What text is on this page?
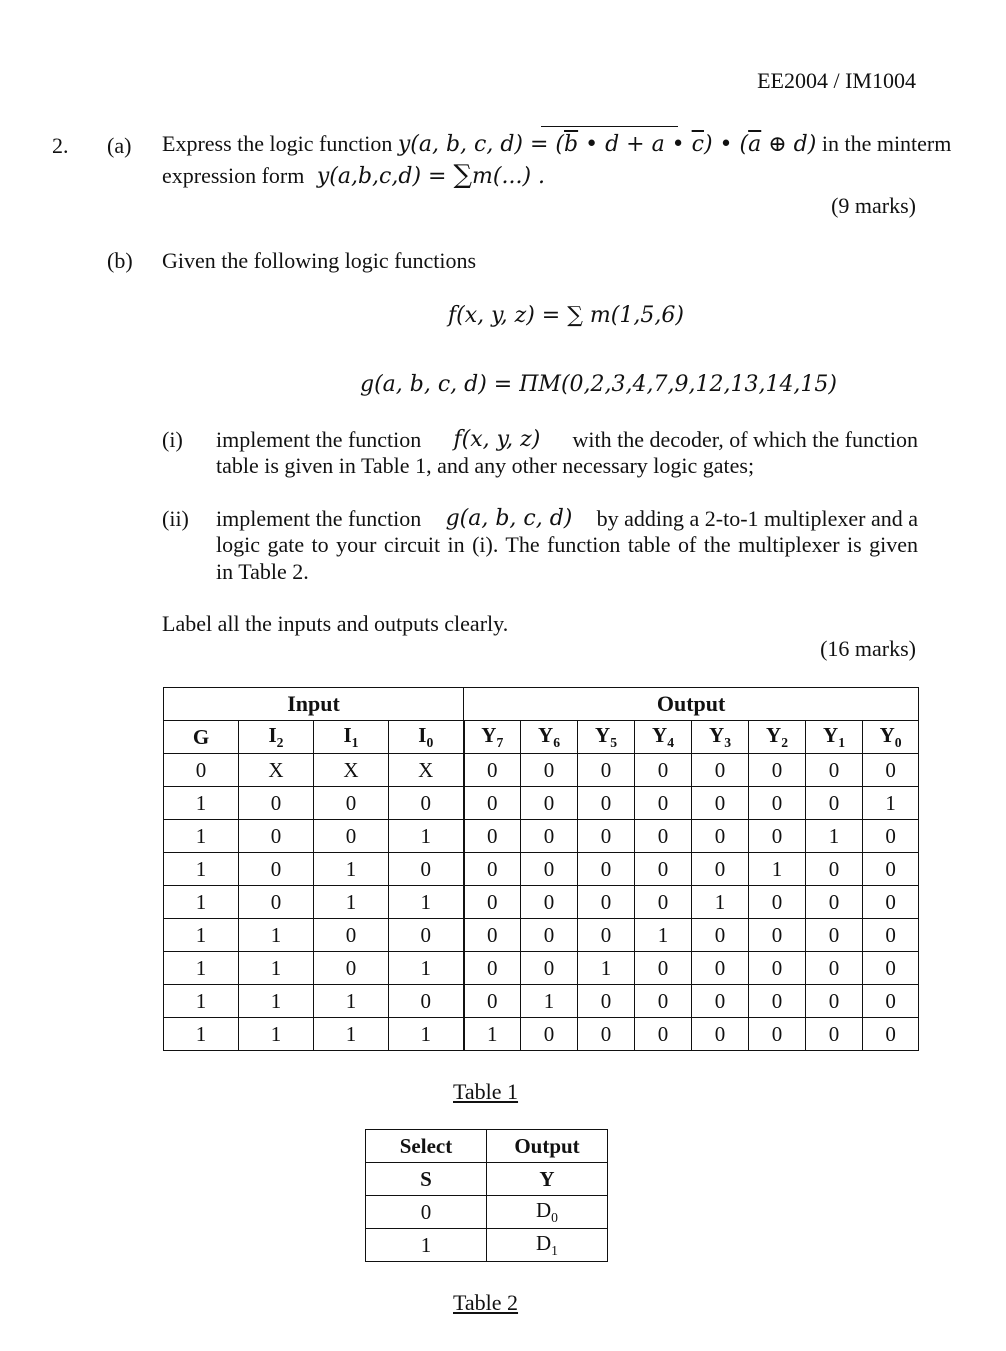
EE2004 / IM1004
2. (a) Express the logic function y(a, b, c, $d) = (\overline{b}$ • d + a • $\overline{c}$) • ($\overline{a}$ ⊕ d) in the minterm
expression form  y(a,b,c,d) = ∑m(...) .
(9 marks)
(b) Given the following logic functions
f(x, y, z) = ∑ m(1,5,6)
g(a, b, c, d) = ΠM(0,2,3,4,7,9,12,13,14,15)
(i) implement the function f(x, y, z) with the decoder, of which the function
table is given in Table 1, and any other necessary logic gates;
(ii) implement the function g(a, b, c, d) by adding a 2-to-1 multiplexer and a
logic gate to your circuit in (i). The function table of the multiplexer is given
in Table 2.
Label all the inputs and outputs clearly.
(16 marks)
Input				Output							
G	$I_2$	$I_1$	$I_0$	$Y_7$	$Y_6$	$Y_5$	$Y_4$	$Y_3$	$Y_2$	$Y_1$	$Y_0$
0	X	X	X	0	0	0	0	0	0	0	0
1	0	0	0	0	0	0	0	0	0	0	1
1	0	0	1	0	0	0	0	0	0	1	0
1	0	1	0	0	0	0	0	0	1	0	0
1	0	1	1	0	0	0	0	1	0	0	0
1	1	0	0	0	0	0	1	0	0	0	0
1	1	0	1	0	0	1	0	0	0	0	0
1	1	1	0	0	1	0	0	0	0	0	0
1	1	1	1	1	0	0	0	0	0	0	0
Table 1
Select	Output
S	Y
0	$D_0$
1	$D_1$
Table 2
